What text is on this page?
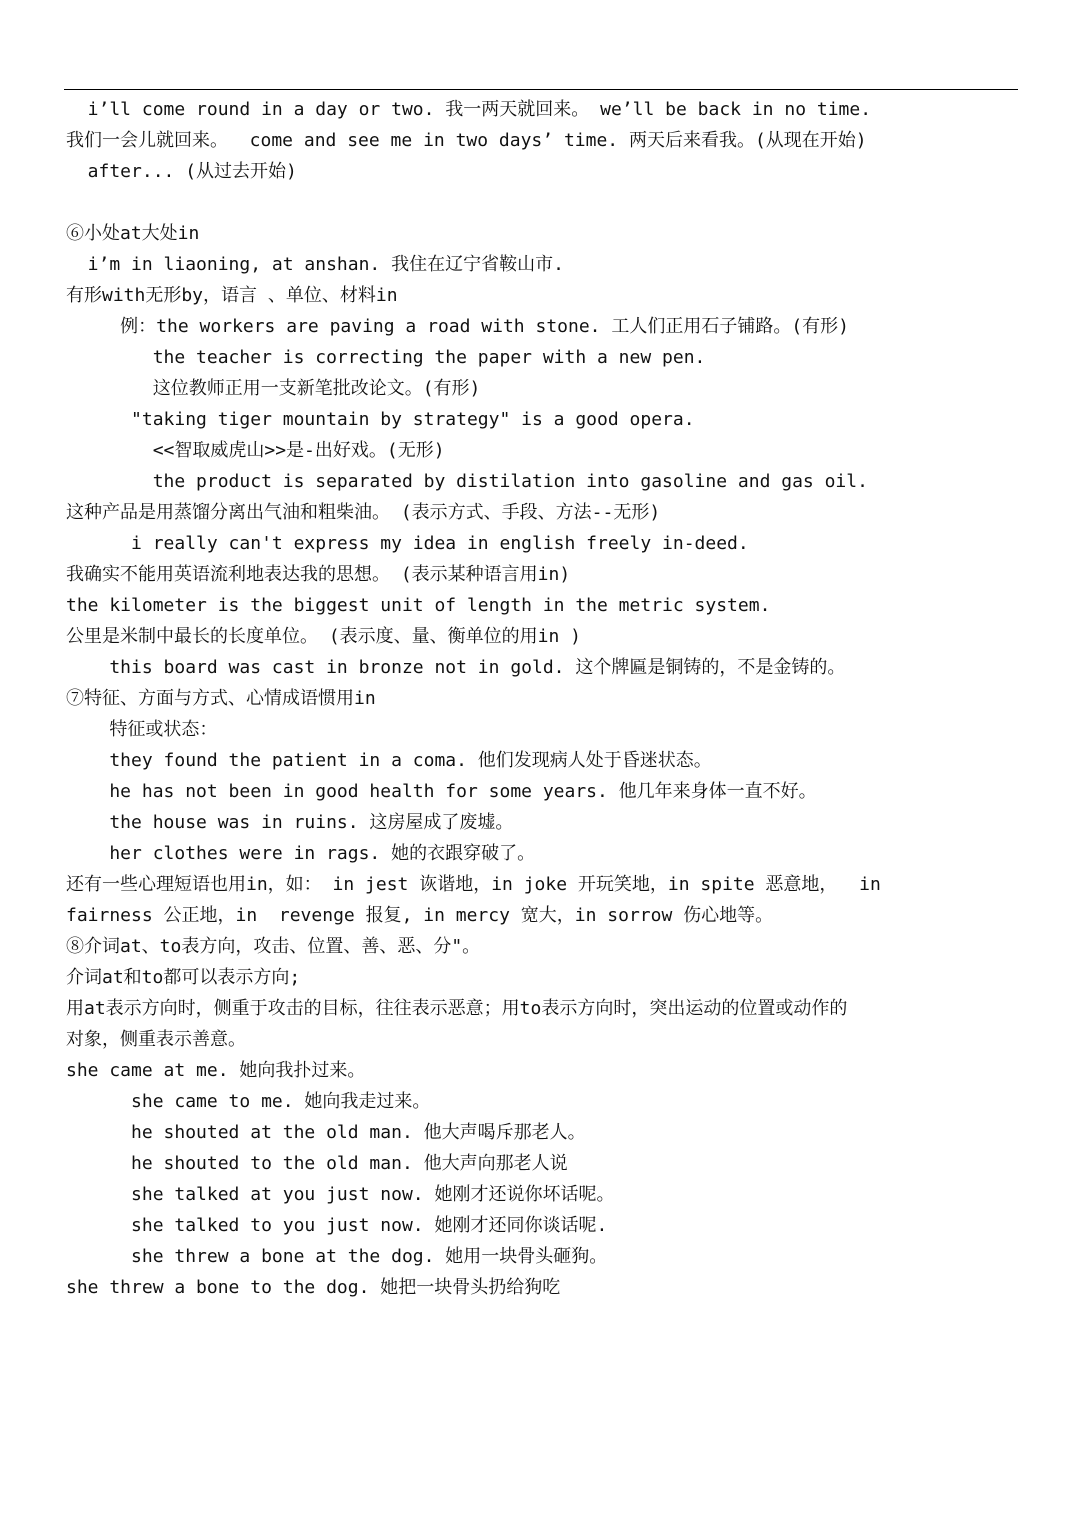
i’ll come round in a day or two. 我一两天就回来。 we’ll be back in no time.
我们一会儿就回来。  come and see me in two days’ time. 两天后来看我。(从现在开始)
after... (从过去开始)
⑥小处at大处in
i’m in liaoning, at anshan. 我住在辽宁省鞍山市.
有形with无形by，语言 、单位、材料in
例：the workers are paving a road with stone. 工人们正用石子铺路。(有形)
the teacher is correcting the paper with a new pen.
这位教师正用一支新笔批改论文。(有形)
"taking tiger mountain by strategy" is a good opera.
<<智取威虎山>>是-出好戏。(无形)
the product is separated by distilation into gasoline and gas oil.
这种产品是用蒸馏分离出气油和粗柴油。 (表示方式、手段、方法--无形)
i really can't express my idea in english freely in-deed.
我确实不能用英语流利地表达我的思想。 (表示某种语言用in)
the kilometer is the biggest unit of length in the metric system.
公里是米制中最长的长度单位。 (表示度、量、衡单位的用in )
this board was cast in bronze not in gold. 这个牌匾是铜铸的，不是金铸的。
⑦特征、方面与方式、心情成语惯用in
特征或状态：
they found the patient in a coma. 他们发现病人处于昏迷状态。
he has not been in good health for some years. 他几年来身体一直不好。
the house was in ruins. 这房屋成了废墟。
her clothes were in rags. 她的衣跟穿破了。
还有一些心理短语也用in，如： in jest 诙谐地，in joke 开玩笑地，in spite 恶意地，  in
fairness 公正地，in  revenge 报复, in mercy 宽大，in sorrow 伤心地等。
⑧介词at、to表方向，攻击、位置、善、恶、分"。
介词at和to都可以表示方向;
用at表示方向时，侧重于攻击的目标，往往表示恶意；用to表示方向时，突出运动的位置或动作的
对象，侧重表示善意。
she came at me. 她向我扑过来。
she came to me. 她向我走过来。
he shouted at the old man. 他大声喝斥那老人。
he shouted to the old man. 他大声向那老人说
she talked at you just now. 她刚才还说你坏话呢。
she talked to you just now. 她刚才还同你谈话呢.
she threw a bone at the dog. 她用一块骨头砸狗。
she threw a bone to the dog. 她把一块骨头扔给狗吃
